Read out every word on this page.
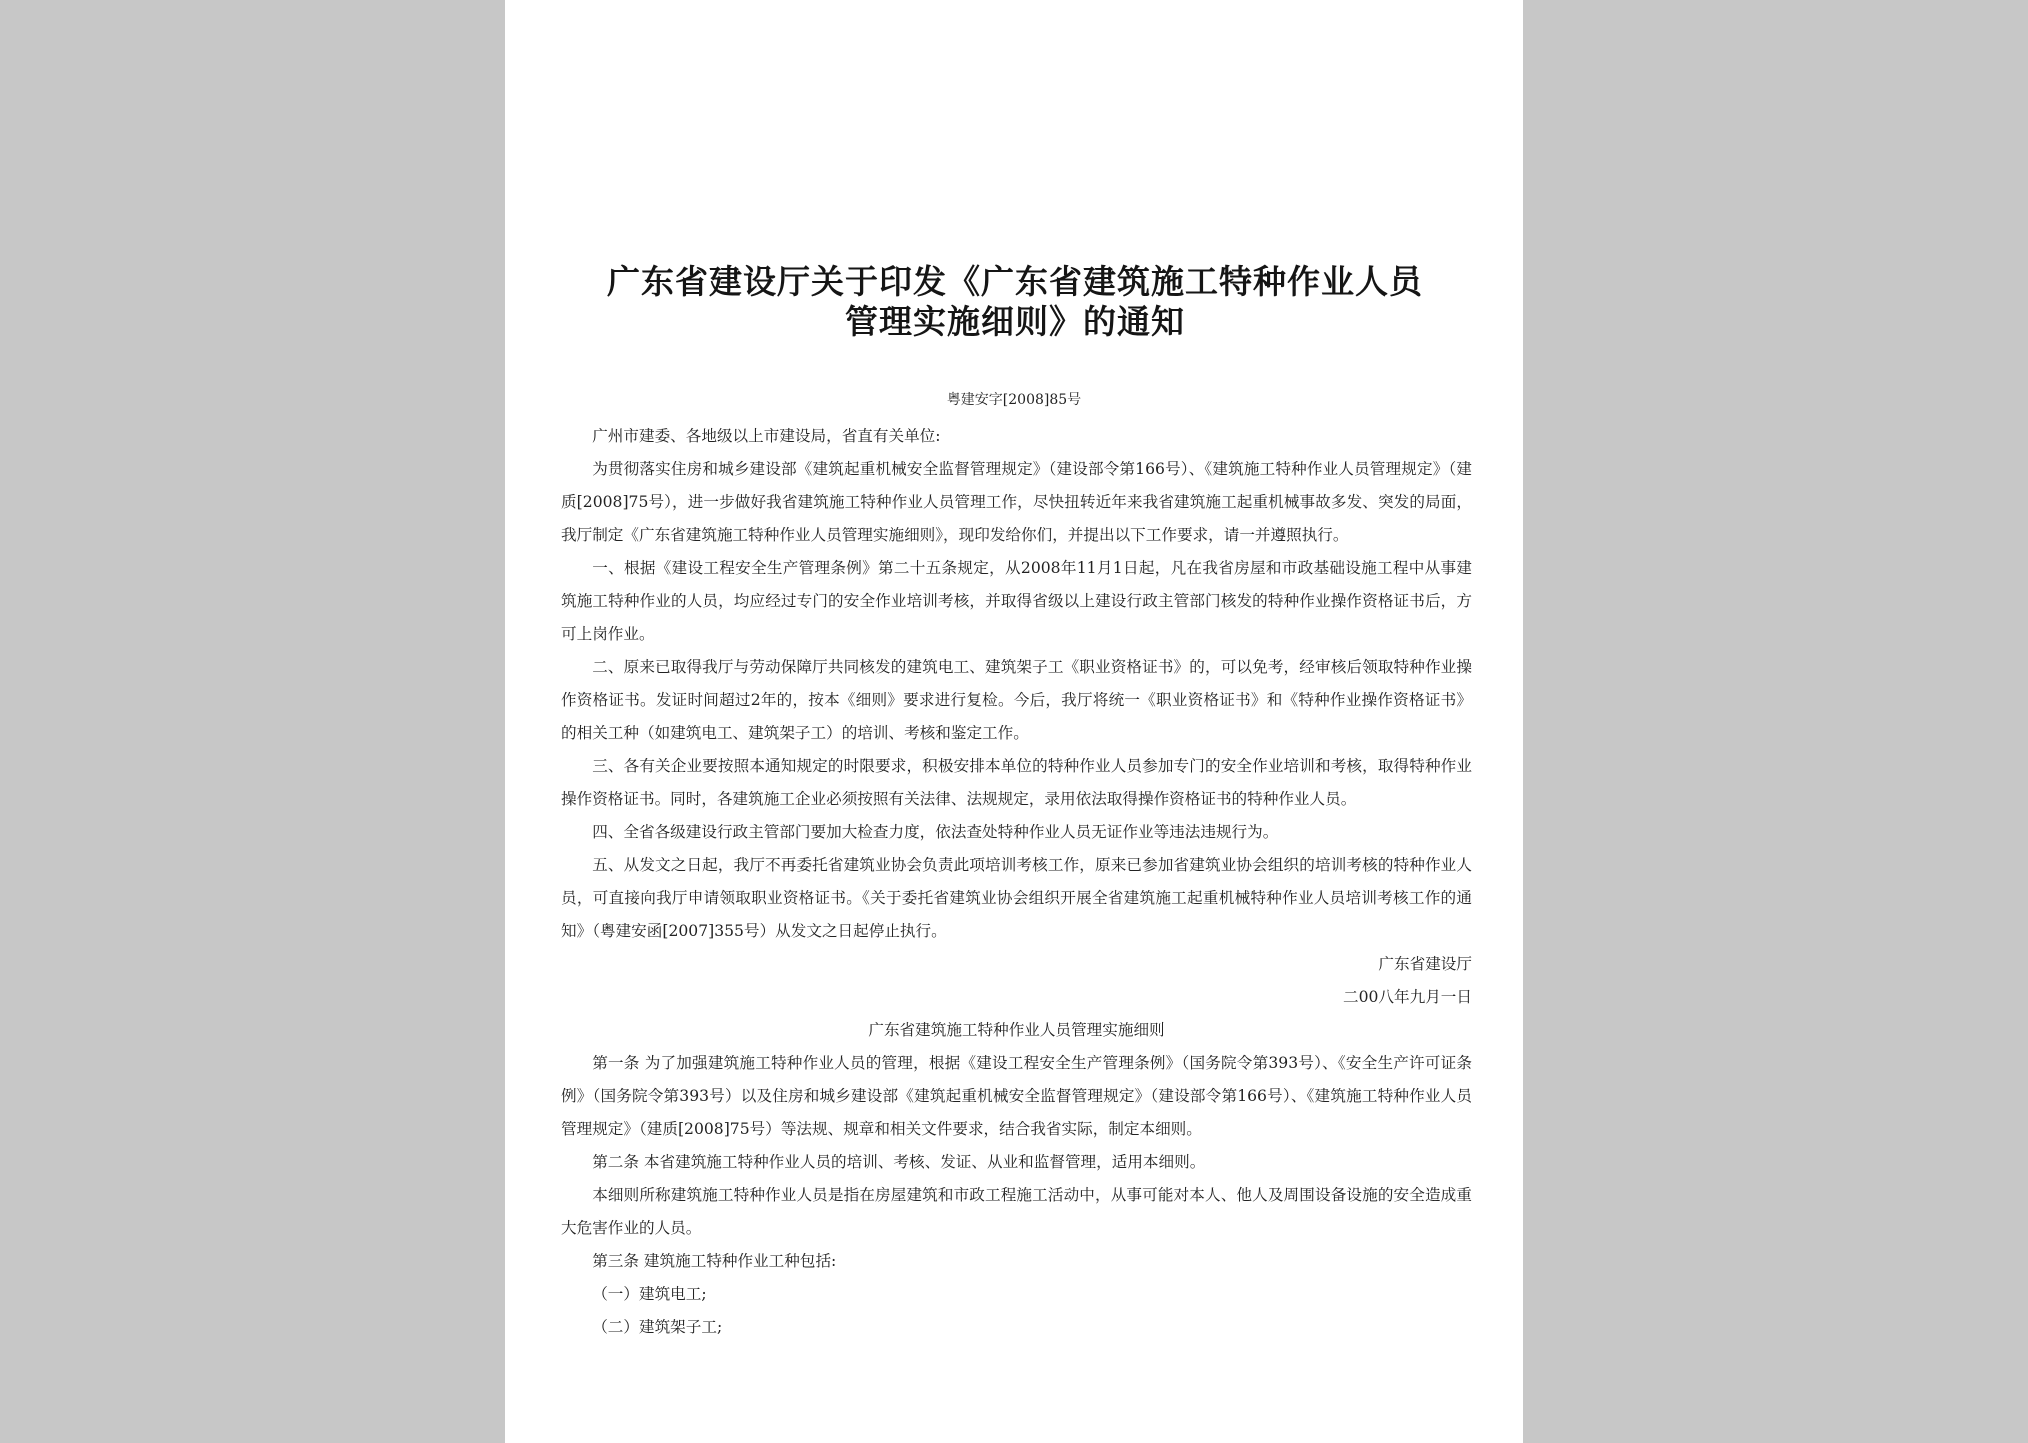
广东省建设厅关于印发《广东省建筑施工特种作业人员管理实施细则》的通知
粤建安字[2008]85号

广州市建委、各地级以上市建设局，省直有关单位:

为贯彻落实住房和城乡建设部《建筑起重机械安全监督管理规定》（建设部令第166号）、《建筑施工特种作业人员管理规定》（建质[2008]75号），进一步做好我省建筑施工特种作业人员管理工作，尽快扭转近年来我省建筑施工起重机械事故多发、突发的局面，我厅制定《广东省建筑施工特种作业人员管理实施细则》，现印发给你们，并提出以下工作要求，请一并遵照执行。

一、根据《建设工程安全生产管理条例》第二十五条规定，从2008年11月1日起，凡在我省房屋和市政基础设施工程中从事建筑施工特种作业的人员，均应经过专门的安全作业培训考核，并取得省级以上建设行政主管部门核发的特种作业操作资格证书后，方可上岗作业。

二、原来已取得我厅与劳动保障厅共同核发的建筑电工、建筑架子工《职业资格证书》的，可以免考，经审核后领取特种作业操作资格证书。发证时间超过2年的，按本《细则》要求进行复检。今后，我厅将统一《职业资格证书》和《特种作业操作资格证书》的相关工种（如建筑电工、建筑架子工）的培训、考核和鉴定工作。

三、各有关企业要按照本通知规定的时限要求，积极安排本单位的特种作业人员参加专门的安全作业培训和考核，取得特种作业操作资格证书。同时，各建筑施工企业必须按照有关法律、法规规定，录用依法取得操作资格证书的特种作业人员。

四、全省各级建设行政主管部门要加大检查力度，依法查处特种作业人员无证作业等违法违规行为。

五、从发文之日起，我厅不再委托省建筑业协会负责此项培训考核工作，原来已参加省建筑业协会组织的培训考核的特种作业人员，可直接向我厅申请领取职业资格证书。《关于委托省建筑业协会组织开展全省建筑施工起重机械特种作业人员培训考核工作的通知》（粤建安函[2007]355号）从发文之日起停止执行。

广东省建设厅

二00八年九月一日

广东省建筑施工特种作业人员管理实施细则

第一条 为了加强建筑施工特种作业人员的管理，根据《建设工程安全生产管理条例》（国务院令第393号）、《安全生产许可证条例》（国务院令第393号）以及住房和城乡建设部《建筑起重机械安全监督管理规定》（建设部令第166号）、《建筑施工特种作业人员管理规定》（建质[2008]75号）等法规、规章和相关文件要求，结合我省实际，制定本细则。

第二条 本省建筑施工特种作业人员的培训、考核、发证、从业和监督管理，适用本细则。

本细则所称建筑施工特种作业人员是指在房屋建筑和市政工程施工活动中，从事可能对本人、他人及周围设备设施的安全造成重大危害作业的人员。

第三条 建筑施工特种作业工种包括:

（一）建筑电工;

（二）建筑架子工;
